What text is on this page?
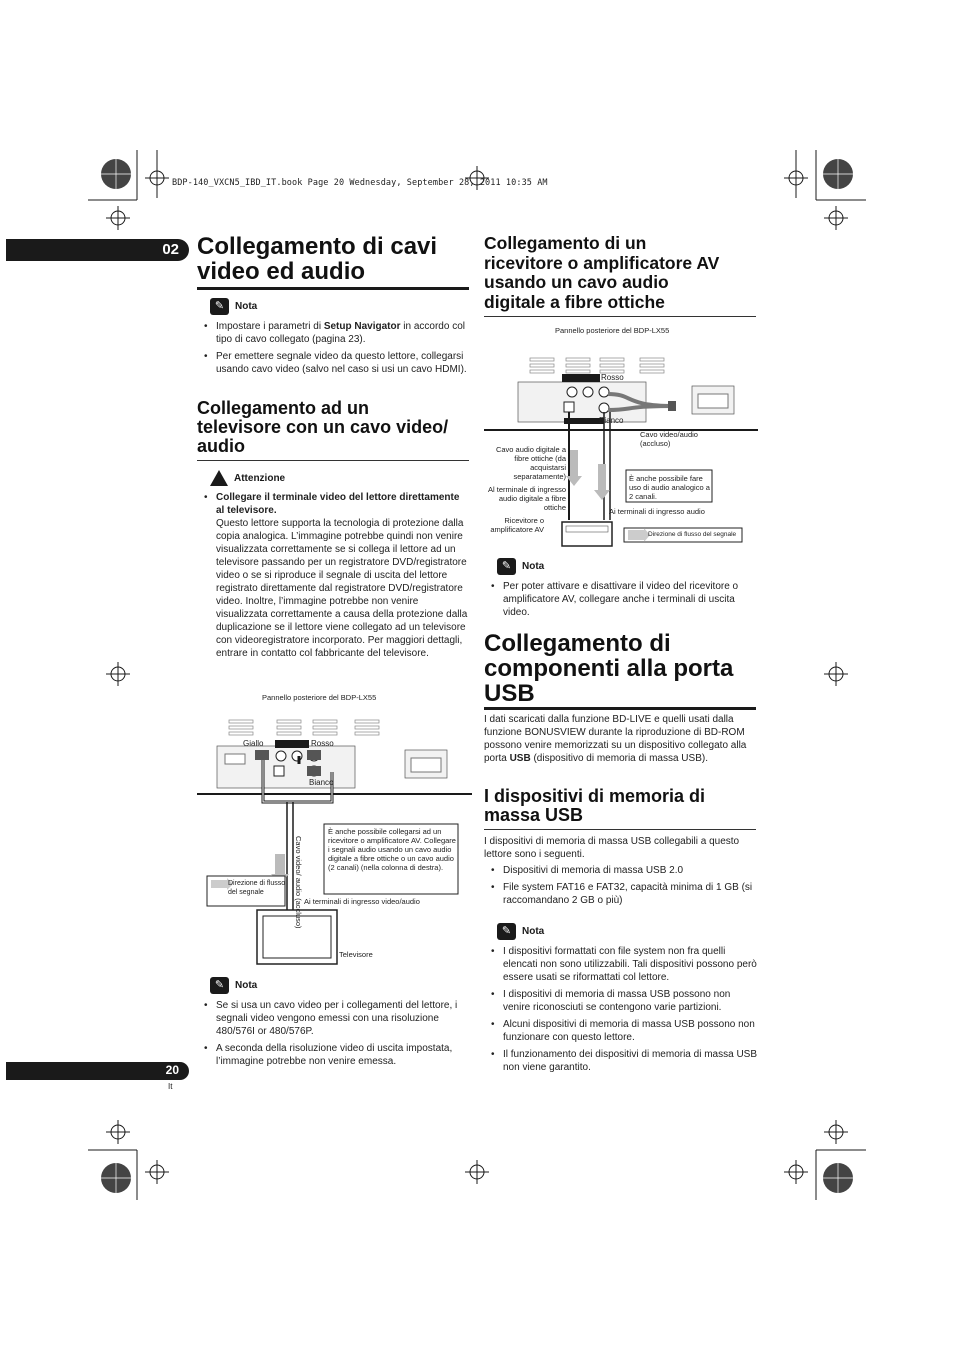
BDP-140_VXCN5_IBD_IT.book Page 20 Wednesday, September 28, 2011 10:35 AM
02 Collegamento di cavi
video ed audio
✎	Nota
• Impostare i parametri di Setup Navigator in accordo col tipo di cavo collegato (pagina 23).
• Per emettere segnale video da questo lettore, collegarsi usando cavo video (salvo nel caso si usi un cavo HDMI).
Collegamento ad un
televisore con un cavo video/
audio
Attenzione
• Collegare il terminale video del lettore direttamente al televisore.
Questo lettore supporta la tecnologia di protezione dalla copia analogica. L’immagine potrebbe quindi non venire visualizzata correttamente se si collega il lettore ad un televisore passando per un registratore DVD/registratore video o se si riproduce il segnale di uscita del lettore registrato direttamente dal registratore DVD/registratore video. Inoltre, l’immagine potrebbe non venire visualizzata correttamente a causa della protezione dalla duplicazione se il lettore viene collegato ad un televisore con videoregistratore incorporato. Per maggiori dettagli, entrare in contatto col fabbricante del televisore.
Pannello posteriore del BDP-LX55
Giallo	Rosso
Bianco
Cavo video/ audio (accluso)
È anche possibile collegarsi ad un ricevitore o amplificatore AV. Collegare i segnali audio usando un cavo audio digitale a fibre ottiche o un cavo audio (2 canali) (nella colonna di destra).
Direzione di flusso del segnale
Ai terminali di ingresso video/audio
Televisore
✎	Nota
• Se si usa un cavo video per i collegamenti del lettore, i segnali video vengono emessi con una risoluzione 480/576I or 480/576P.
• A seconda della risoluzione video di uscita impostata, l’immagine potrebbe non venire emessa.
Collegamento di un
ricevitore o amplificatore AV
usando un cavo audio
digitale a fibre ottiche
Pannello posteriore del BDP-LX55
Rosso
Bianco
Cavo audio digitale a fibre ottiche (da acquistarsi separatamente)
Al terminale di ingresso audio digitale a fibre ottiche
Cavo video/audio (accluso)
È anche possibile fare uso di audio analogico a 2 canali.
Ai terminali di ingresso audio
Ricevitore o amplificatore AV
Direzione di flusso del segnale
✎	Nota
• Per poter attivare e disattivare il video del ricevitore o amplificatore AV, collegare anche i terminali di uscita video.
Collegamento di
componenti alla porta
USB
I dati scaricati dalla funzione BD-LIVE e quelli usati dalla funzione BONUSVIEW durante la riproduzione di BD-ROM possono venire memorizzati su un dispositivo collegato alla porta USB (dispositivo di memoria di massa USB).
I dispositivi di memoria di
massa USB
I dispositivi di memoria di massa USB collegabili a questo lettore sono i seguenti.
• Dispositivi di memoria di massa USB 2.0
• File system FAT16 e FAT32, capacità minima di 1 GB (si raccomandano 2 GB o più)
✎	Nota
• I dispositivi formattati con file system non fra quelli elencati non sono utilizzabili. Tali dispositivi possono però essere usati se riformattati col lettore.
• I dispositivi di memoria di massa USB possono non venire riconosciuti se contengono varie partizioni.
• Alcuni dispositivi di memoria di massa USB possono non funzionare con questo lettore.
• Il funzionamento dei dispositivi di memoria di massa USB non viene garantito.
20
It
